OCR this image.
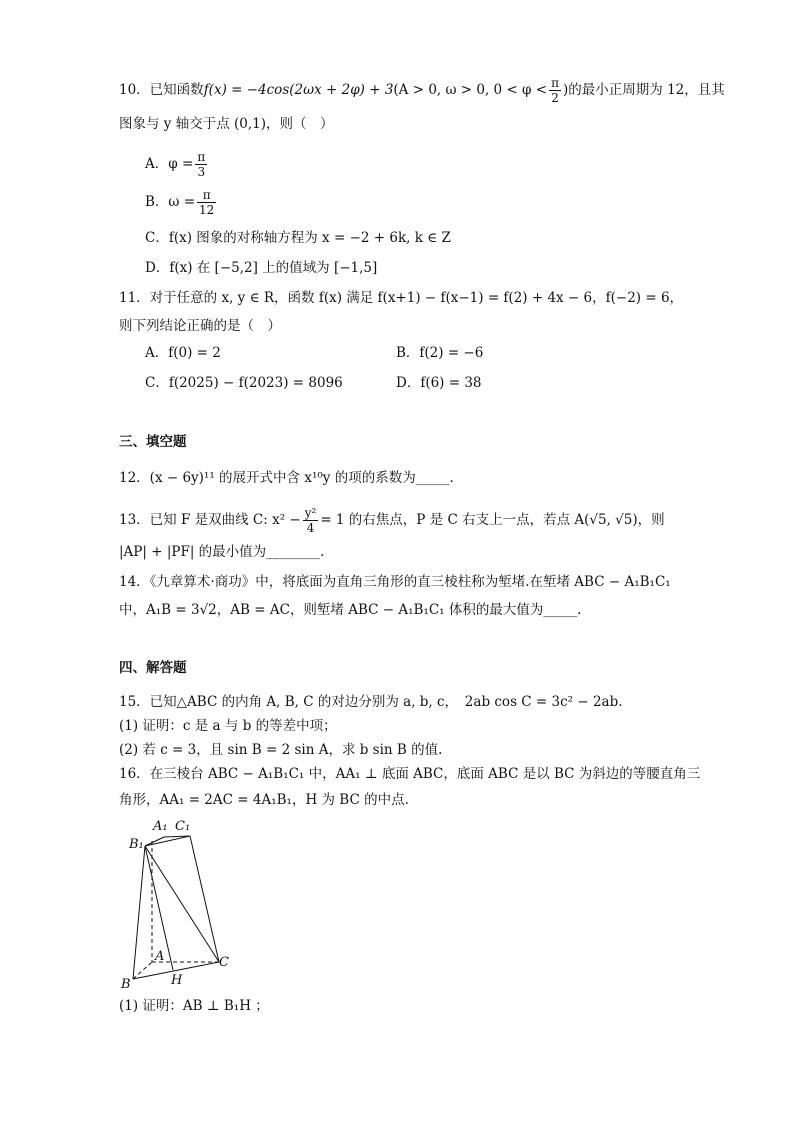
10．已知函数f(x) = −4cos(2ωx + 2φ) + 3(A > 0, ω > 0, $0 < \varphi < \frac{\pi}{2}$ )的最小正周期为 12，且其
图象与 y 轴交于点 (0,1)，则（　）
A．$\varphi = \frac{\pi}{3}$
B．$\omega = \frac{\pi}{12}$
C．f(x) 图象的对称轴方程为 x = −2 + 6k, k ∈ Z
D．f(x) 在 [−5,2] 上的值域为 [−1,5]
11．对于任意的 x, y ∈ R，函数 f(x) 满足 f(x+1) − f(x−1) = f(2) + 4x − 6，f(−2) = 6，
则下列结论正确的是（　）
A．f(0) = 2	B．f(2) = −6
C．f(2025) − f(2023) = 8096	D．f(6) = 38
三、填空题
12．(x − 6y)¹¹ 的展开式中含 x¹⁰y 的项的系数为_____.
13．已知 F 是双曲线 C: $x^2 - \frac{\text{y²}}{4} = 1$ 的右焦点，P 是 C 右支上一点，若点 A(√5, √5)，则
|AP| + |PF| 的最小值为________.
14．《九章算术·商功》中，将底面为直角三角形的直三棱柱称为堑堵.在堑堵 ABC − A₁B₁C₁
中，A₁B = 3√2，AB = AC，则堑堵 ABC − A₁B₁C₁ 体积的最大值为_____.
四、解答题
15．已知△ABC 的内角 A, B, C 的对边分别为 a, b, c，　2ab cos C = 3c² − 2ab.
(1) 证明：c 是 a 与 b 的等差中项；
(2) 若 c = 3，且 sin B = 2 sin A，求 b sin B 的值.
16．在三棱台 ABC − A₁B₁C₁ 中，AA₁ ⊥ 底面 ABC，底面 ABC 是以 BC 为斜边的等腰直角三
角形，AA₁ = 2AC = 4A₁B₁，H 为 BC 的中点.
B₁
A₁ C₁
A	C
B	H
(1) 证明：AB ⊥ B₁H ；
